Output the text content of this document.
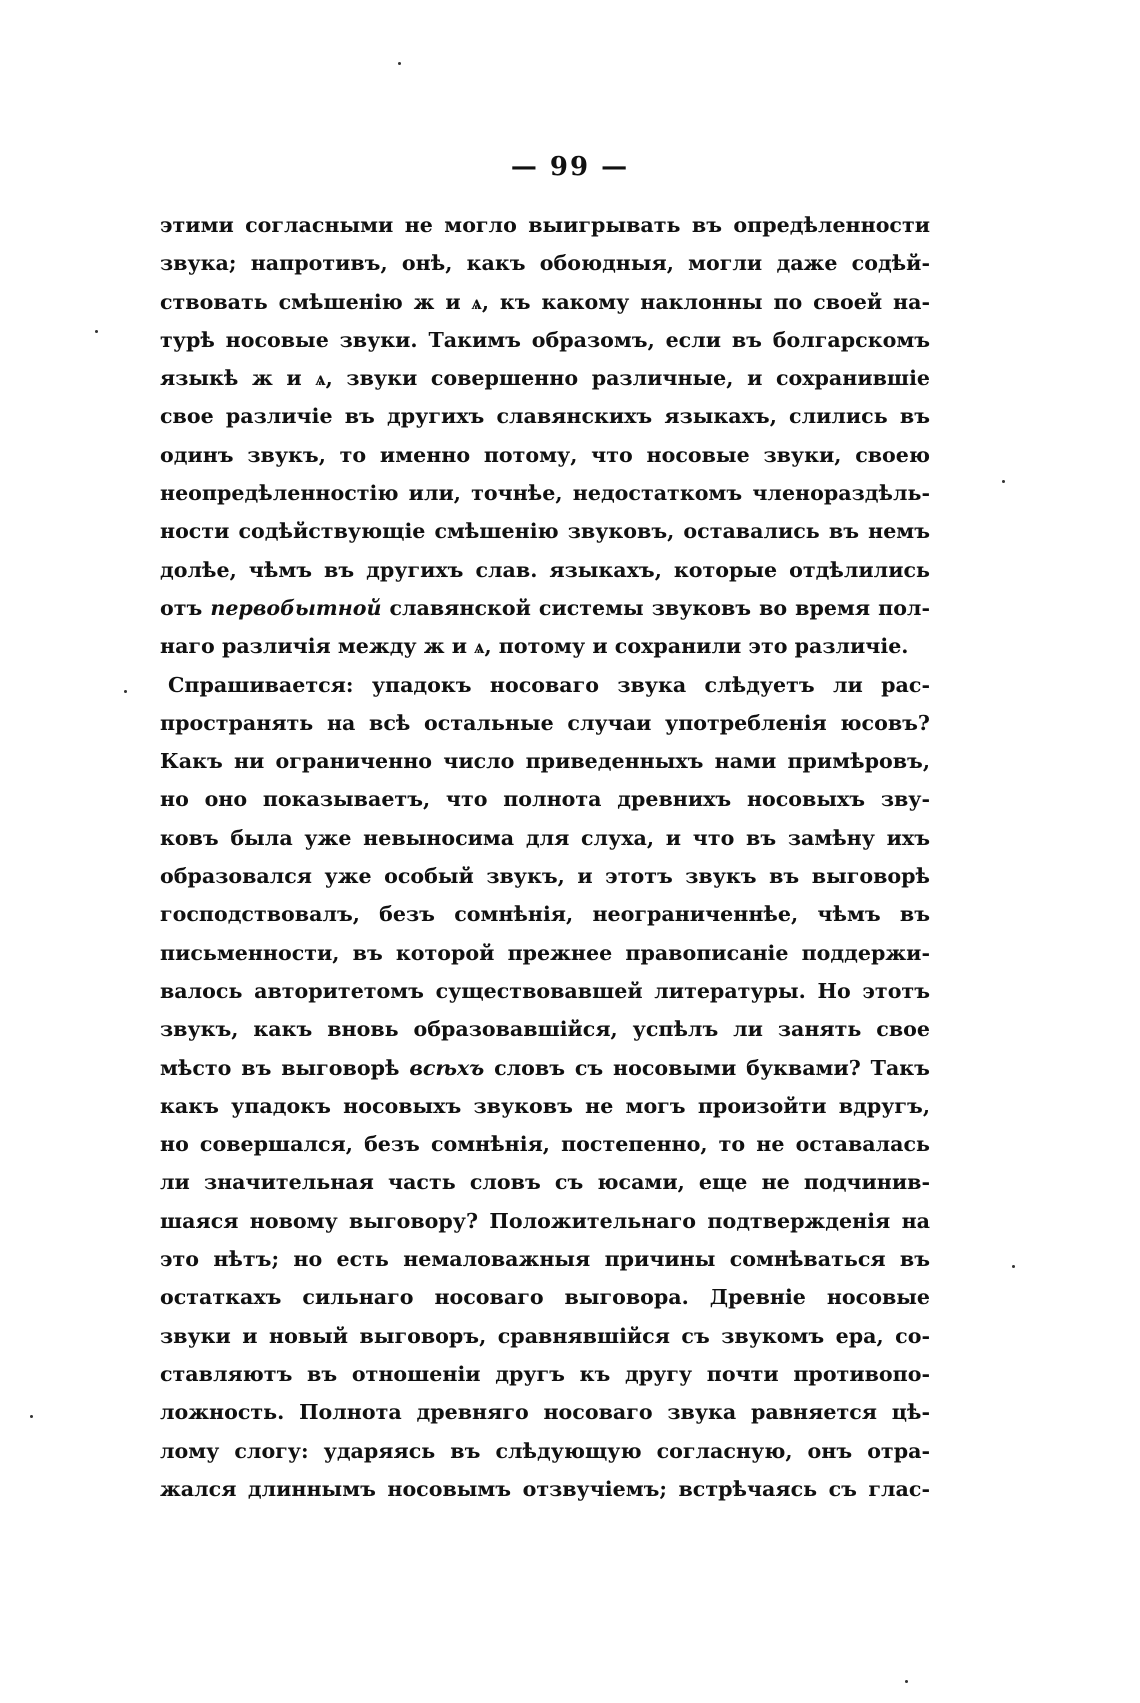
— 99 —
этими согласными не могло выигрывать въ опредѣленности
звука; напротивъ, онѣ, какъ обоюдныя, могли даже содѣй-
ствовать смѣшенію ж и ѧ, къ какому наклонны по своей на-
турѣ носовые звуки. Такимъ образомъ, если въ болгарскомъ
языкѣ ж и ѧ, звуки совершенно различные, и сохранившіе
свое различіе въ другихъ славянскихъ языкахъ, слились въ
одинъ звукъ, то именно потому, что носовые звуки, своею
неопредѣленностію или, точнѣе, недостаткомъ членораздѣль-
ности содѣйствующіе смѣшенію звуковъ, оставались въ немъ
долѣе, чѣмъ въ другихъ слав. языкахъ, которые отдѣлились
отъ первобытной славянской системы звуковъ во время пол-
наго различія между ж и ѧ, потому и сохранили это различіе.
Спрашивается: упадокъ носоваго звука слѣдуетъ ли рас-
пространять на всѣ остальные случаи употребленія юсовъ?
Какъ ни ограниченно число приведенныхъ нами примѣровъ,
но оно показываетъ, что полнота древнихъ носовыхъ зву-
ковъ была уже невыносима для слуха, и что въ замѣну ихъ
образовался уже особый звукъ, и этотъ звукъ въ выговорѣ
господствовалъ, безъ сомнѣнія, неограниченнѣе, чѣмъ въ
письменности, въ которой прежнее правописаніе поддержи-
валось авторитетомъ существовавшей литературы. Но этотъ
звукъ, какъ вновь образовавшійся, успѣлъ ли занять свое
мѣсто въ выговорѣ всѣхъ словъ съ носовыми буквами? Такъ
какъ упадокъ носовыхъ звуковъ не могъ произойти вдругъ,
но совершался, безъ сомнѣнія, постепенно, то не оставалась
ли значительная часть словъ съ юсами, еще не подчинив-
шаяся новому выговору? Положительнаго подтвержденія на
это нѣтъ; но есть немаловажныя причины сомнѣваться въ
остаткахъ сильнаго носоваго выговора. Древніе носовые
звуки и новый выговоръ, сравнявшійся съ звукомъ ера, со-
ставляютъ въ отношеніи другъ къ другу почти противопо-
ложность. Полнота древняго носоваго звука равняется цѣ-
лому слогу: ударяясь въ слѣдующую согласную, онъ отра-
жался длиннымъ носовымъ отзвучіемъ; встрѣчаясь съ глас-
